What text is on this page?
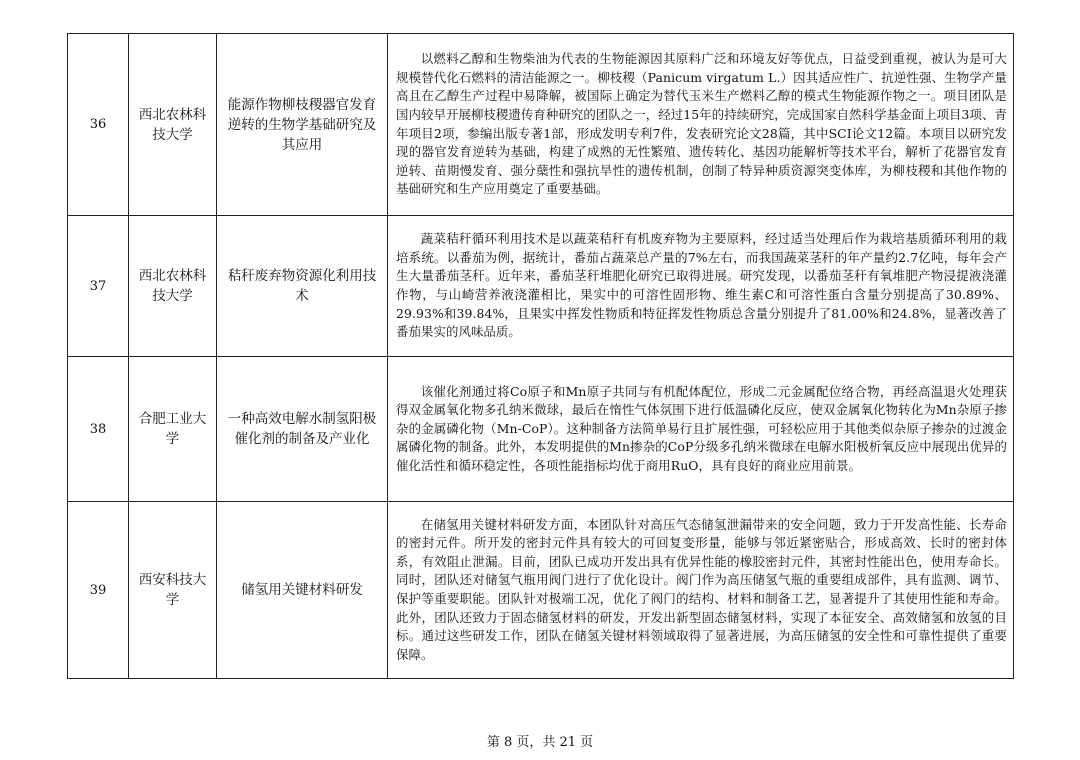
36	西北农林科技大学	能源作物柳枝稷器官发育逆转的生物学基础研究及其应用	以燃料乙醇和生物柴油为代表的生物能源因其原料广泛和环境友好等优点，日益受到重视，被认为是可大规模替代化石燃料的清洁能源之一。柳枝稷（Panicum virgatum L.）因其适应性广、抗逆性强、生物学产量高且在乙醇生产过程中易降解，被国际上确定为替代玉米生产燃料乙醇的模式生物能源作物之一。项目团队是国内较早开展柳枝稷遗传育种研究的团队之一，经过15年的持续研究，完成国家自然科学基金面上项目3项、青年项目2项，参编出版专著1部，形成发明专利7件，发表研究论文28篇，其中SCI论文12篇。本项目以研究发现的器官发育逆转为基础，构建了成熟的无性繁殖、遗传转化、基因功能解析等技术平台，解析了花器官发育逆转、苗期慢发育、强分蘖性和强抗旱性的遗传机制，创制了特异种质资源突变体库，为柳枝稷和其他作物的基础研究和生产应用奠定了重要基础。

37	西北农林科技大学	秸秆废弃物资源化利用技术	蔬菜秸秆循环利用技术是以蔬菜秸秆有机废弃物为主要原料，经过适当处理后作为栽培基质循环利用的栽培系统。以番茄为例，据统计，番茄占蔬菜总产量的7%左右，而我国蔬菜茎秆的年产量约2.7亿吨，每年会产生大量番茄茎秆。近年来，番茄茎秆堆肥化研究已取得进展。研究发现，以番茄茎秆有氧堆肥产物浸提液浇灌作物，与山崎营养液浇灌相比，果实中的可溶性固形物、维生素C和可溶性蛋白含量分别提高了30.89%、29.93%和39.84%，且果实中挥发性物质和特征挥发性物质总含量分别提升了81.00%和24.8%，显著改善了番茄果实的风味品质。

38	合肥工业大学	一种高效电解水制氢阳极催化剂的制备及产业化	该催化剂通过将Co原子和Mn原子共同与有机配体配位，形成二元金属配位络合物，再经高温退火处理获得双金属氧化物多孔纳米微球，最后在惰性气体氛围下进行低温磷化反应，使双金属氧化物转化为Mn杂原子掺杂的金属磷化物（Mn-CoP）。这种制备方法简单易行且扩展性强，可轻松应用于其他类似杂原子掺杂的过渡金属磷化物的制备。此外，本发明提供的Mn掺杂的CoP分级多孔纳米微球在电解水阳极析氧反应中展现出优异的催化活性和循环稳定性，各项性能指标均优于商用RuO，具有良好的商业应用前景。

39	西安科技大学	储氢用关键材料研发	在储氢用关键材料研发方面，本团队针对高压气态储氢泄漏带来的安全问题，致力于开发高性能、长寿命的密封元件。所开发的密封元件具有较大的可回复变形量，能够与邻近紧密贴合，形成高效、长时的密封体系，有效阻止泄漏。目前，团队已成功开发出具有优异性能的橡胶密封元件，其密封性能出色，使用寿命长。同时，团队还对储氢气瓶用阀门进行了优化设计。阀门作为高压储氢气瓶的重要组成部件，具有监测、调节、保护等重要职能。团队针对极端工况，优化了阀门的结构、材料和制备工艺，显著提升了其使用性能和寿命。此外，团队还致力于固态储氢材料的研发，开发出新型固态储氢材料，实现了本征安全、高效储氢和放氢的目标。通过这些研发工作，团队在储氢关键材料领域取得了显著进展，为高压储氢的安全性和可靠性提供了重要保障。
第 8 页，共 21 页
